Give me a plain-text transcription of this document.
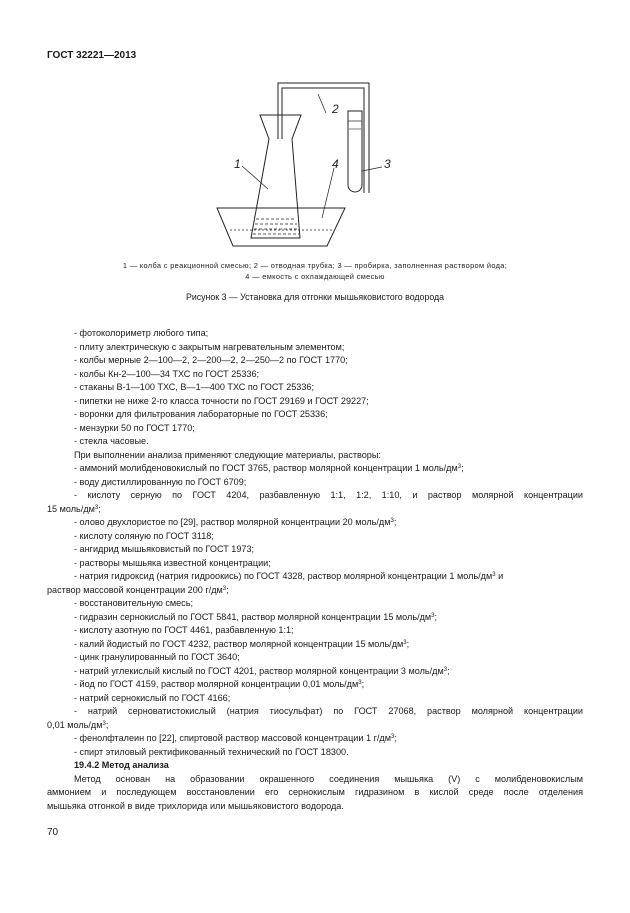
ГОСТ 32221—2013
1
2
3
4
1 — колба с реакционной смесью; 2 — отводная трубка; 3 — пробирка, заполненная раствором йода;
4 — емкость с охлаждающей смесью
Рисунок 3 — Установка для отгонки мышьяковистого водорода

- фотоколориметр любого типа;

- плиту электрическую с закрытым нагревательным элементом;

- колбы мерные 2—100—2, 2—200—2, 2—250—2 по ГОСТ 1770;

- колбы Кн-2—100—34 ТХС по ГОСТ 25336;

- стаканы В-1—100 ТХС, В—1—400 ТХС по ГОСТ 25336;

- пипетки не ниже 2-го класса точности по ГОСТ 29169 и ГОСТ 29227;

- воронки для фильтрования лабораторные по ГОСТ 25336;

- мензурки 50 по ГОСТ 1770;

- стекла часовые.

При выполнении анализа применяют следующие материалы, растворы:

- аммоний молибденовокислый по ГОСТ 3765, раствор молярной концентрации 1 моль/$дм^3$;

- воду дистиллированную по ГОСТ 6709;

- кислоту серную по ГОСТ 4204, разбавленную 1:1, 1:2, 1:10, и раствор молярной концентрации

15 моль/$дм^3$;

- олово двухлористое по [29], раствор молярной концентрации 20 моль/$дм^3$;

- кислоту соляную по ГОСТ 3118;

- ангидрид мышьяковистый по ГОСТ 1973;

- растворы мышьяка известной концентрации;

- натрия гидроксид (натрия гидроокись) по ГОСТ 4328, раствор молярной концентрации 1 моль/$дм^3$ и

раствор массовой концентрации 200 $г/дм^3$;

- восстановительную смесь;

- гидразин сернокислый по ГОСТ 5841, раствор молярной концентрации 15 моль/$дм^3$;

- кислоту азотную по ГОСТ 4461, разбавленную 1:1;

- калий йодистый по ГОСТ 4232, раствор молярной концентрации 15 моль/$дм^3$;

- цинк гранулированный по ГОСТ 3640;

- натрий углекислый кислый по ГОСТ 4201, раствор молярной концентрации 3 моль/$дм^3$;

- йод по ГОСТ 4159, раствор молярной концентрации 0,01 моль/$дм^3$;

- натрий сернокислый по ГОСТ 4166;

- натрий серноватистокислый (натрия тиосульфат) по ГОСТ 27068, раствор молярной концентрации

0,01 моль/$дм^3$;

- фенолфталеин по [22], спиртовой раствор массовой концентрации 1 $г/дм^3$;

- спирт этиловый ректификованный технический по ГОСТ 18300.

19.4.2 Метод анализа

Метод основан на образовании окрашенного соединения мышьяка (V) с молибденовокислым

аммонием и последующем восстановлении его сернокислым гидразином в кислой среде после отделения

мышьяка отгонкой в виде трихлорида или мышьяковистого водорода.

70
